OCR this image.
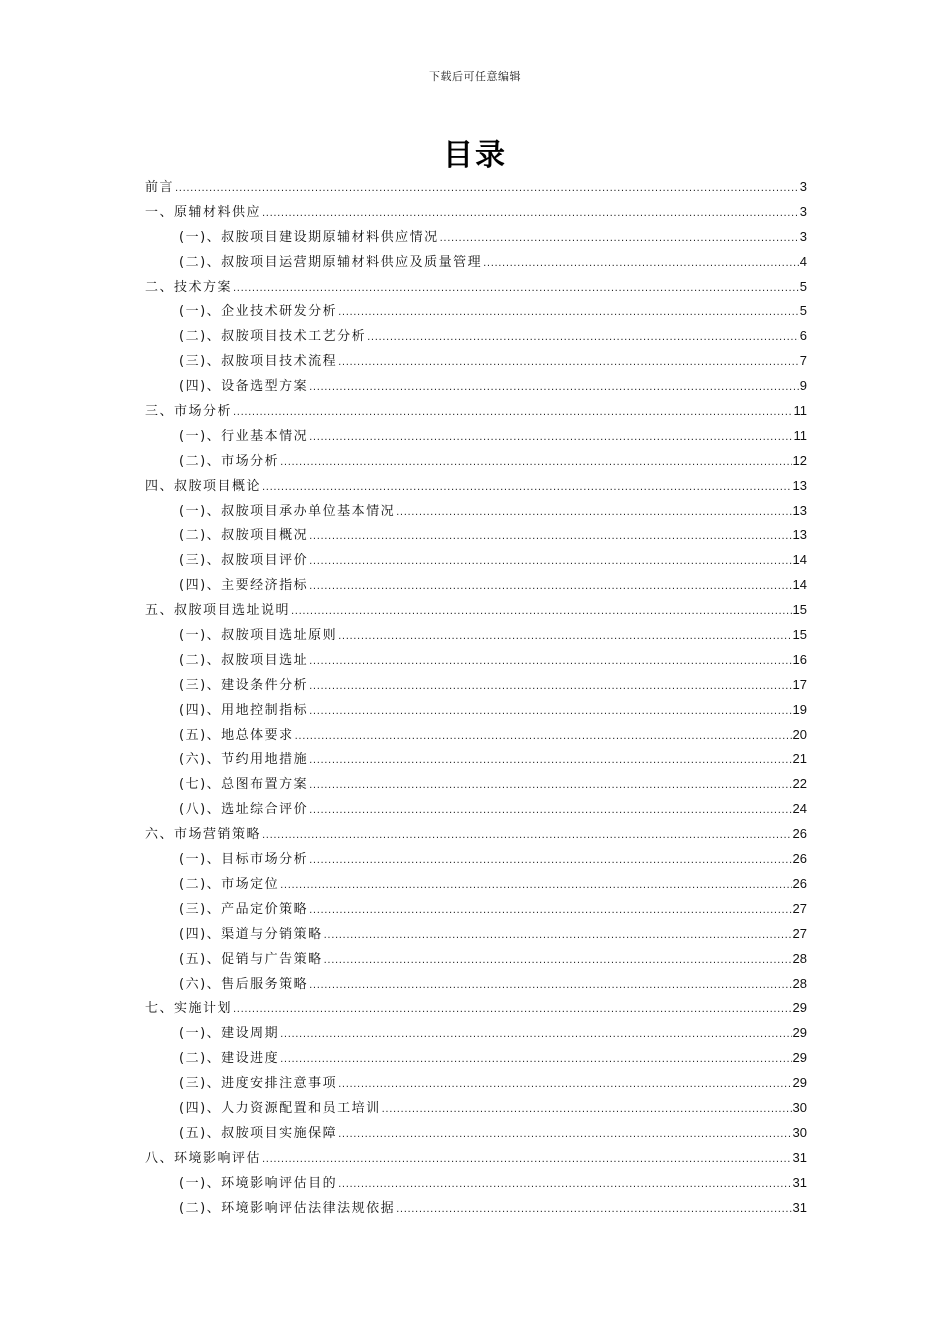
下载后可任意编辑
目录
前言 .....	3
一、原辅材料供应 .....	3
(一)、叔胺项目建设期原辅材料供应情况 .....	3
(二)、叔胺项目运营期原辅材料供应及质量管理 .....	4
二、技术方案 .....	5
(一)、企业技术研发分析 .....	5
(二)、叔胺项目技术工艺分析 .....	6
(三)、叔胺项目技术流程 .....	7
(四)、设备选型方案 .....	9
三、市场分析 .....	11
(一)、行业基本情况 .....	11
(二)、市场分析 .....	12
四、叔胺项目概论 .....	13
(一)、叔胺项目承办单位基本情况 .....	13
(二)、叔胺项目概况 .....	13
(三)、叔胺项目评价 .....	14
(四)、主要经济指标 .....	14
五、叔胺项目选址说明 .....	15
(一)、叔胺项目选址原则 .....	15
(二)、叔胺项目选址 .....	16
(三)、建设条件分析 .....	17
(四)、用地控制指标 .....	19
(五)、地总体要求 .....	20
(六)、节约用地措施 .....	21
(七)、总图布置方案 .....	22
(八)、选址综合评价 .....	24
六、市场营销策略 .....	26
(一)、目标市场分析 .....	26
(二)、市场定位 .....	26
(三)、产品定价策略 .....	27
(四)、渠道与分销策略 .....	27
(五)、促销与广告策略 .....	28
(六)、售后服务策略 .....	28
七、实施计划 .....	29
(一)、建设周期 .....	29
(二)、建设进度 .....	29
(三)、进度安排注意事项 .....	29
(四)、人力资源配置和员工培训 .....	30
(五)、叔胺项目实施保障 .....	30
八、环境影响评估 .....	31
(一)、环境影响评估目的 .....	31
(二)、环境影响评估法律法规依据 .....	31
